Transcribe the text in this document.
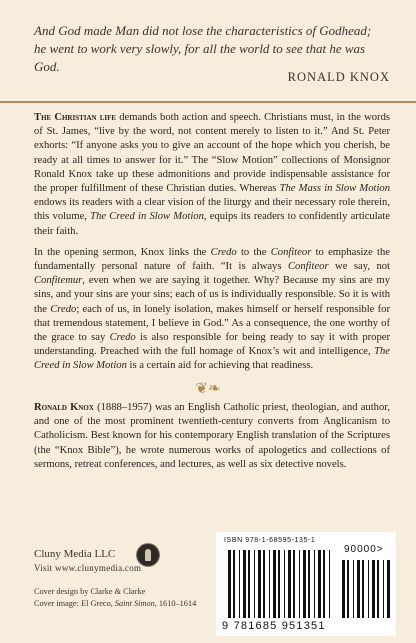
And God made Man did not lose the characteristics of Godhead;
he went to work very slowly, for all the world to see that he was God.
RONALD KNOX

The Christian life demands both action and speech. Christians must, in the words of St. James, “live by the word, not content merely to listen to it.” And St. Peter exhorts: “If anyone asks you to give an account of the hope which you cherish, be ready at all times to answer for it.” The “Slow Motion” collections of Monsignor Ronald Knox take up these admonitions and provide indispensable assistance for the proper fulfillment of these Christian duties. Whereas The Mass in Slow Motion endows its readers with a clear vision of the liturgy and their necessary role therein, this volume, The Creed in Slow Motion, equips its readers to confidently articulate their faith.

In the opening sermon, Knox links the Credo to the Confiteor to emphasize the fundamentally personal nature of faith. “It is always Confiteor we say, not Confitemur, even when we are saying it together. Why? Because my sins are my sins, and your sins are your sins; each of us is individually responsible. So it is with the Credo; each of us, in lonely isolation, makes himself or herself responsible for that tremendous statement, I believe in God.” As a consequence, the one worthy of the grace to say Credo is also responsible for being ready to say it with proper understanding. Preached with the full homage of Knox’s wit and intelligence, The Creed in Slow Motion is a certain aid for achieving that readiness.

❦❧

Ronald Knox (1888–1957) was an English Catholic priest, theologian, and author, and one of the most prominent twentieth-century converts from Anglicanism to Catholicism. Best known for his contemporary English translation of the Scriptures (the “Knox Bible”), he wrote numerous works of apologetics and collections of sermons, retreat conferences, and lectures, as well as six detective novels.

Cluny Media LLC
Visit www.clunymedia.com
Cover design by Clarke & Clarke
Cover image: El Greco, Saint Simon, 1610–1614
ISBN 978-1-68595-135-1
90000>
9 781685 951351
